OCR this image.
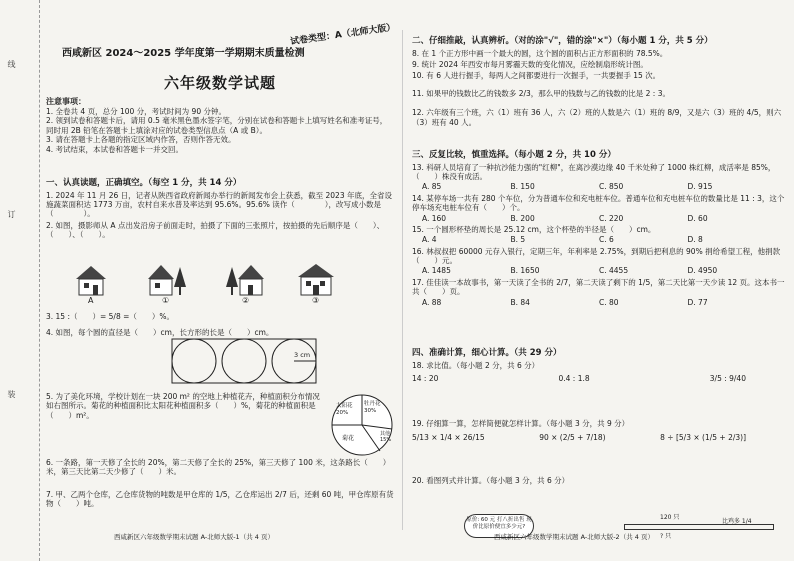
线
订
装
试卷类型：A（北师大版）
西咸新区 2024～2025 学年度第一学期期末质量检测
六年级数学试题
注意事项：
1. 全卷共 4 页，总分 100 分，考试时间为 90 分钟。
2. 领到试卷和答题卡后，请用 0.5 毫米黑色墨水签字笔，分别在试卷和答题卡上填写姓名和准考证号，同时用 2B 铅笔在答题卡上填涂对应的试卷类型信息点（A 或 B）。
3. 请在答题卡上各题的指定区域内作答，否则作答无效。
4. 考试结束，本试卷和答题卡一并交回。
一、认真读题，正确填空。（每空 1 分，共 14 分）
1. 2024 年 11 月 26 日，记者从陕西省政府新闻办举行的新闻发布会上获悉，截至 2023 年底，全省设施蔬菜面积达 1773 万亩，农村自来水普及率达到 95.6%。95.6% 读作（　　　　），改写成小数是（　　　　）。
2. 如图，摄影师从 A 点出发沿房子前面走时，拍摄了下面的三张照片，按拍摄的先后顺序是（　　）、（　　）、（　　）。
A	①	②	③
3. 15 :（　　）= 5/8 =（　　）%。
4. 如图，每个圆的直径是（　　）cm，长方形的长是（　　）cm。
3 cm
5. 为了美化环境，学校计划在一块 200 m² 的空地上种植花卉，种植面积分布情况如右图所示。菊花的种植面积比太阳花种植面积多（　　）%，菊花的种植面积是（　　）m²。
太阳花 20%
牡丹花 30%
其他 15%
菊花
6. 一条路，第一天修了全长的 20%，第二天修了全长的 25%，第三天修了 100 米，这条路长（　　）米，第三天比第二天少修了（　　）米。
7. 甲、乙两个仓库，乙仓库货物的吨数是甲仓库的 1/5，乙仓库运出 2/7 后，还剩 60 吨，甲仓库原有货物（　　）吨。
西咸新区六年级数学期末试题 A-北师大版-1（共 4 页）
二、仔细推敲，认真辨析。（对的涂"√"，错的涂"×"）（每小题 1 分，共 5 分）
8. 在 1 个正方形中画一个最大的圆，这个圆的面积占正方形面积的 78.5%。
9. 统计 2024 年西安市每月雾霾天数的变化情况，应绘制扇形统计图。
10. 有 6 人进行握手，每两人之间都要进行一次握手，一共要握手 15 次。
11. 如果甲的钱数比乙的钱数多 2/3，那么甲的钱数与乙的钱数的比是 2 : 3。
12. 六年级有三个班，六（1）班有 36 人，六（2）班的人数是六（1）班的 8/9，又是六（3）班的 4/5，则六（3）班有 40 人。
三、反复比较，慎重选择。（每小题 2 分，共 10 分）
13. 科研人员培育了一种抗沙能力强的"红柳"，在离沙漠边缘 40 千米处种了 1000 株红柳，成活率是 85%，（　　）株没有成活。
A. 85	B. 150	C. 850	D. 915
14. 某停车场一共有 280 个车位，分为普通车位和充电桩车位。普通车位和充电桩车位的数量比是 11 : 3，这个停车场充电桩车位有（　　）个。
A. 160	B. 200	C. 220	D. 60
15. 一个圆形杯垫的周长是 25.12 cm，这个杯垫的半径是（　　）cm。
A. 4	B. 5	C. 6	D. 8
16. 林叔叔把 60000 元存入银行，定期三年，年利率是 2.75%，到期后把利息的 90% 捐给希望工程，他捐款（　　）元。
A. 1485	B. 1650	C. 4455	D. 4950
17. 佳佳读一本故事书，第一天读了全书的 2/7，第二天读了剩下的 1/5，第二天比第一天少读 12 页。这本书一共（　　）页。
A. 88	B. 84	C. 80	D. 77
四、准确计算，细心计算。（共 29 分）
18. 求比值。（每小题 2 分，共 6 分）
14 : 20	0.4 : 1.8	3/5 : 9/40
19. 仔细算一算，怎样简便就怎样计算。（每小题 3 分，共 9 分）
5/13 × 1/4 × 26/15	90 × (2/5 + 7/18)	8 ÷ [5/3 × (1/5 + 2/3)]
20. 看图列式并计算。（每小题 3 分，共 6 分）
原价: 60 元 打八折出售 现价比原价便宜多少元?
120 只
比鸡多 1/4
? 只
西咸新区六年级数学期末试题 A-北师大版-2（共 4 页）
